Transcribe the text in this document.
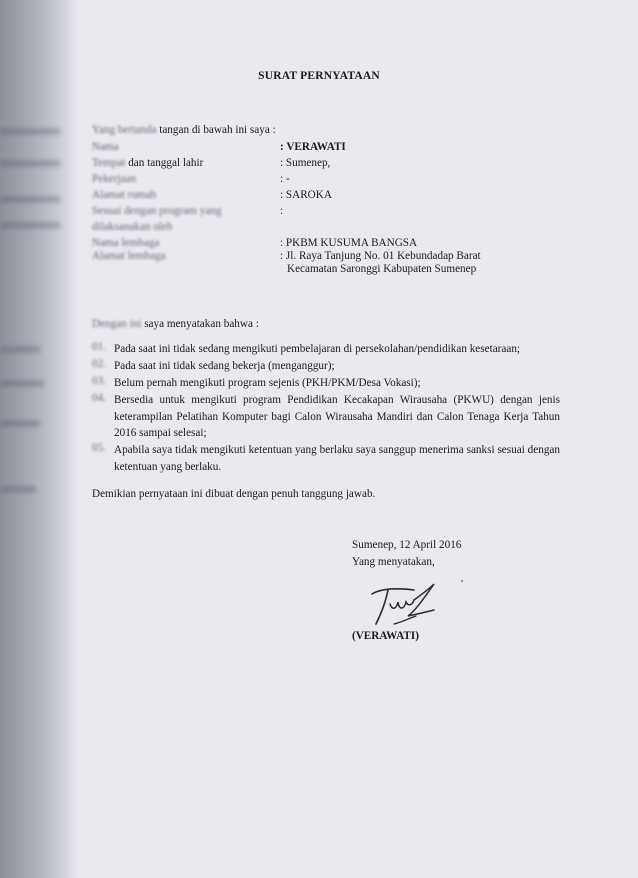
SURAT PERNYATAAN
Yang bertanda tangan di bawah ini saya :
Nama	: VERAWATI
Tempat dan tanggal lahir	: Sumenep,
Pekerjaan	: -
Alamat rumah	: SAROKA
Sesuai dengan program yang	:
dilaksanakan oleh
Nama lembaga	: PKBM KUSUMA BANGSA
Alamat lembaga	: Jl. Raya Tanjung No. 01 Kebundadap Barat
Kecamatan Saronggi Kabupaten Sumenep
Dengan ini saya menyatakan bahwa :
01. Pada saat ini tidak sedang mengikuti pembelajaran di persekolahan/pendidikan kesetaraan;
02. Pada saat ini tidak sedang bekerja (menganggur);
03. Belum pernah mengikuti program sejenis (PKH/PKM/Desa Vokasi);
04. Bersedia untuk mengikuti program Pendidikan Kecakapan Wirausaha (PKWU) dengan jenis keterampilan Pelatihan Komputer bagi Calon Wirausaha Mandiri dan Calon Tenaga Kerja Tahun 2016 sampai selesai;
05. Apabila saya tidak mengikuti ketentuan yang berlaku saya sanggup menerima sanksi sesuai dengan ketentuan yang berlaku.
Demikian pernyataan ini dibuat dengan penuh tanggung jawab.
Sumenep, 12 April 2016
Yang menyatakan,
(VERAWATI)
